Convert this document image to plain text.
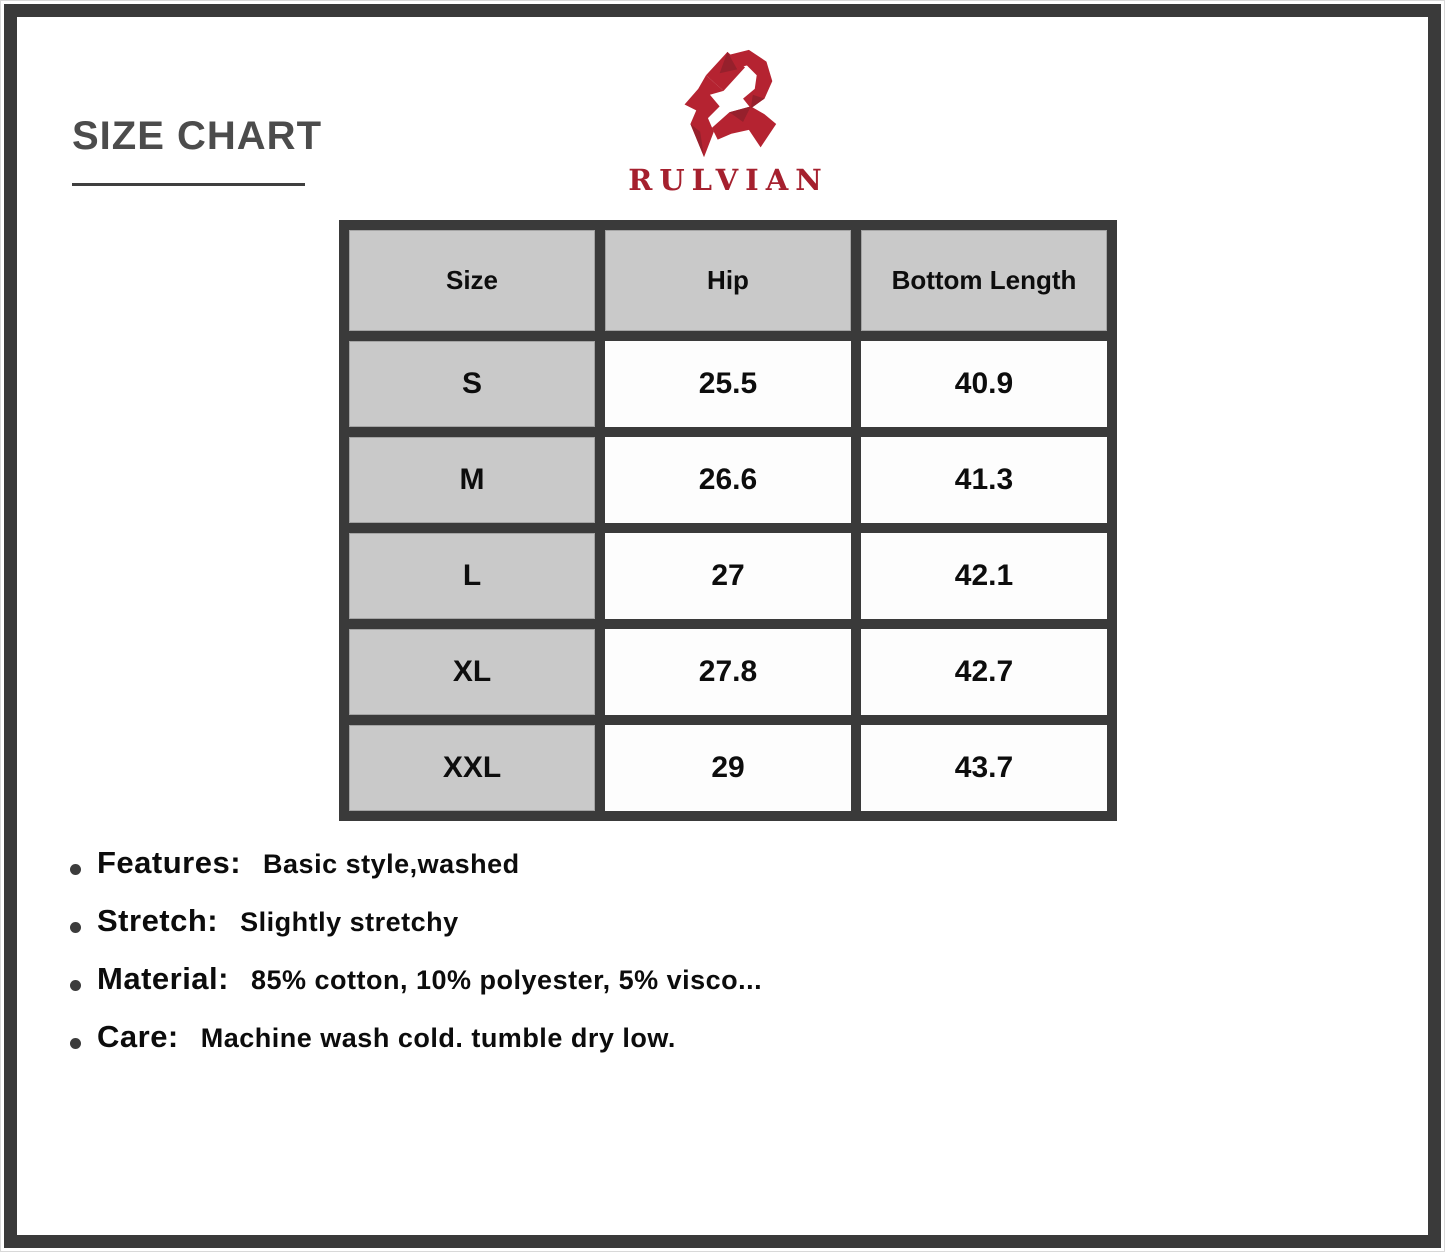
SIZE CHART
RULVIAN
Size	Hip	Bottom Length
S	25.5	40.9
M	26.6	41.3
L	27	42.1
XL	27.8	42.7
XXL	29	43.7
Features: Basic style,washed
Stretch: Slightly stretchy
Material: 85% cotton, 10% polyester, 5% visco...
Care: Machine wash cold. tumble dry low.
